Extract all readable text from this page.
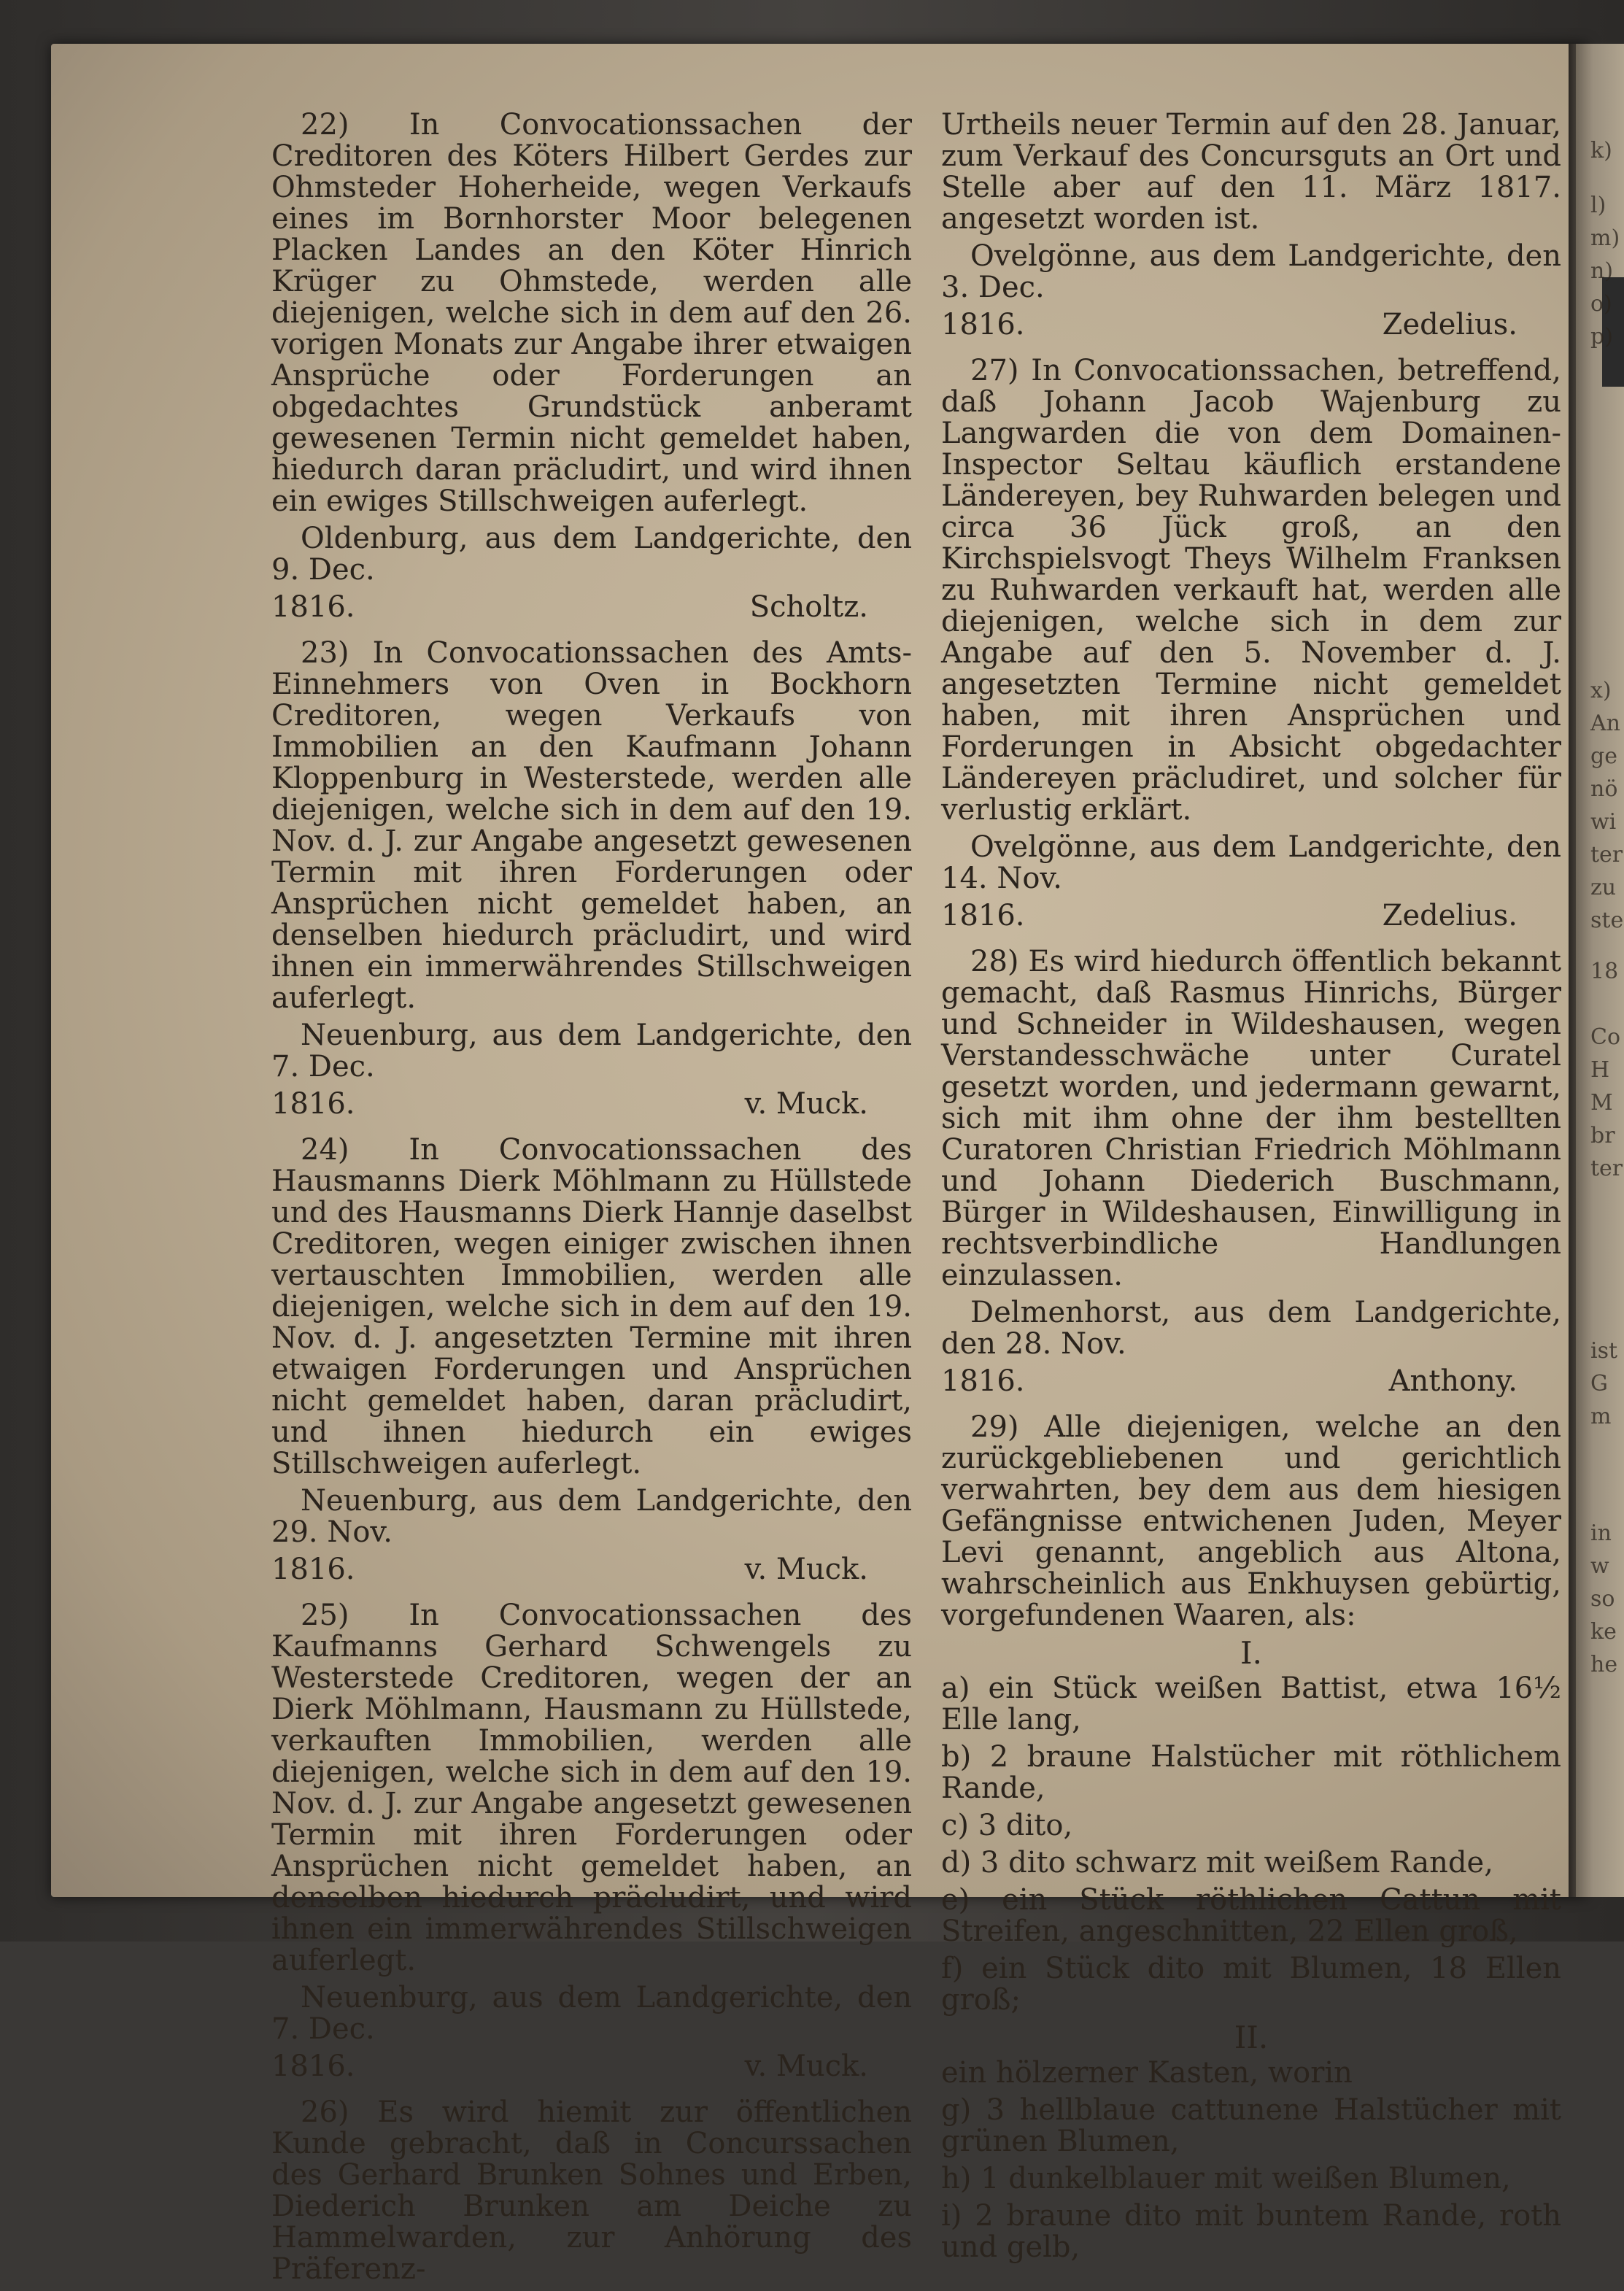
22) In Convocationssachen der Creditoren des Köters Hilbert Gerdes zur Ohmsteder Hoherheide, wegen Verkaufs eines im Bornhorster Moor belegenen Placken Landes an den Köter Hinrich Krüger zu Ohmstede, werden alle diejenigen, welche sich in dem auf den 26. vorigen Monats zur Angabe ihrer etwaigen Ansprüche oder Forderungen an obgedachtes Grundstück anberamt gewesenen Termin nicht gemeldet haben, hiedurch daran präcludirt, und wird ihnen ein ewiges Stillschweigen auferlegt.

Oldenburg, aus dem Landgerichte, den 9. Dec.

1816.	Scholtz.

23) In Convocationssachen des Amts-Einnehmers von Oven in Bockhorn Creditoren, wegen Verkaufs von Immobilien an den Kaufmann Johann Kloppenburg in Westerstede, werden alle diejenigen, welche sich in dem auf den 19. Nov. d. J. zur Angabe angesetzt gewesenen Termin mit ihren Forderungen oder Ansprüchen nicht gemeldet haben, an denselben hiedurch präcludirt, und wird ihnen ein immerwährendes Stillschweigen auferlegt.

Neuenburg, aus dem Landgerichte, den 7. Dec.

1816.	v. Muck.

24) In Convocationssachen des Hausmanns Dierk Möhlmann zu Hüllstede und des Hausmanns Dierk Hannje daselbst Creditoren, wegen einiger zwischen ihnen vertauschten Immobilien, werden alle diejenigen, welche sich in dem auf den 19. Nov. d. J. angesetzten Termine mit ihren etwaigen Forderungen und Ansprüchen nicht gemeldet haben, daran präcludirt, und ihnen hiedurch ein ewiges Stillschweigen auferlegt.

Neuenburg, aus dem Landgerichte, den 29. Nov.

1816.	v. Muck.

25) In Convocationssachen des Kaufmanns Gerhard Schwengels zu Westerstede Creditoren, wegen der an Dierk Möhlmann, Hausmann zu Hüllstede, verkauften Immobilien, werden alle diejenigen, welche sich in dem auf den 19. Nov. d. J. zur Angabe angesetzt gewesenen Termin mit ihren Forderungen oder Ansprüchen nicht gemeldet haben, an denselben hiedurch präcludirt, und wird ihnen ein immerwährendes Stillschweigen auferlegt.

Neuenburg, aus dem Landgerichte, den 7. Dec.

1816.	v. Muck.

26) Es wird hiemit zur öffentlichen Kunde gebracht, daß in Concurssachen des Gerhard Brunken Sohnes und Erben, Diederich Brunken am Deiche zu Hammelwarden, zur Anhörung des Präferenz-

Urtheils neuer Termin auf den 28. Januar, zum Verkauf des Concursguts an Ort und Stelle aber auf den 11. März 1817. angesetzt worden ist.

Ovelgönne, aus dem Landgerichte, den 3. Dec.

1816.	Zedelius.

27) In Convocationssachen, betreffend, daß Johann Jacob Wajenburg zu Langwarden die von dem Domainen-Inspector Seltau käuflich erstandene Ländereyen, bey Ruhwarden belegen und circa 36 Jück groß, an den Kirchspielsvogt Theys Wilhelm Franksen zu Ruhwarden verkauft hat, werden alle diejenigen, welche sich in dem zur Angabe auf den 5. November d. J. angesetzten Termine nicht gemeldet haben, mit ihren Ansprüchen und Forderungen in Absicht obgedachter Ländereyen präcludiret, und solcher für verlustig erklärt.

Ovelgönne, aus dem Landgerichte, den 14. Nov.

1816.	Zedelius.

28) Es wird hiedurch öffentlich bekannt gemacht, daß Rasmus Hinrichs, Bürger und Schneider in Wildeshausen, wegen Verstandesschwäche unter Curatel gesetzt worden, und jedermann gewarnt, sich mit ihm ohne der ihm bestellten Curatoren Christian Friedrich Möhlmann und Johann Diederich Buschmann, Bürger in Wildeshausen, Einwilligung in rechtsverbindliche Handlungen einzulassen.

Delmenhorst, aus dem Landgerichte, den 28. Nov.

1816.	Anthony.

29) Alle diejenigen, welche an den zurückgebliebenen und gerichtlich verwahrten, bey dem aus dem hiesigen Gefängnisse entwichenen Juden, Meyer Levi genannt, angeblich aus Altona, wahrscheinlich aus Enkhuysen gebürtig, vorgefundenen Waaren, als:

I.

a) ein Stück weißen Battist, etwa 16½ Elle lang,

b) 2 braune Halstücher mit röthlichem Rande,

c) 3 dito,

d) 3 dito schwarz mit weißem Rande,

e) ein Stück röthlichen Cattun mit Streifen, angeschnitten, 22 Ellen groß,

f) ein Stück dito mit Blumen, 18 Ellen groß;

II.

ein hölzerner Kasten, worin

g) 3 hellblaue cattunene Halstücher mit grünen Blumen,

h) 1 dunkelblauer mit weißen Blumen,

i) 2 braune dito mit buntem Rande, roth und gelb,

k)
l)
m)
n)
o)
p)
x)
An
ge
nö
wi
ter
zu
ste
18
Co
H
M
br
ter
ist
G
m
in
w
so
ke
he
